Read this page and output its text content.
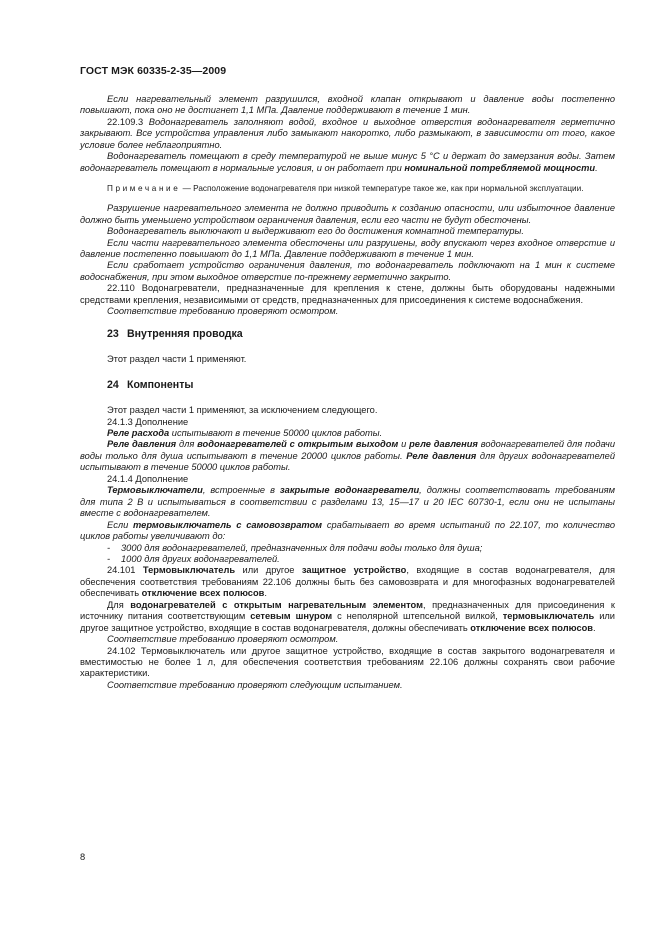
ГОСТ МЭК 60335-2-35—2009

Если нагревательный элемент разрушился, входной клапан открывают и давление воды постепенно повышают, пока оно не достигнет 1,1 МПа. Давление поддерживают в течение 1 мин.

22.109.3 Водонагреватель заполняют водой, входное и выходное отверстия водонагревателя герметично закрывают. Все устройства управления либо замыкают накоротко, либо размыкают, в зависимости от того, какое условие более неблагоприятно.

Водонагреватель помещают в среду температурой не выше минус 5 °C и держат до замерзания воды. Затем водонагреватель помещают в нормальные условия, и он работает при номинальной потребляемой мощности.

Примечание — Расположение водонагревателя при низкой температуре такое же, как при нормальной эксплуатации.

Разрушение нагревательного элемента не должно приводить к созданию опасности, или избыточное давление должно быть уменьшено устройством ограничения давления, если его части не будут обесточены.

Водонагреватель выключают и выдерживают его до достижения комнатной температуры.

Если части нагревательного элемента обесточены или разрушены, воду впускают через входное отверстие и давление постепенно повышают до 1,1 МПа. Давление поддерживают в течение 1 мин.

Если сработает устройство ограничения давления, то водонагреватель подключают на 1 мин к системе водоснабжения, при этом выходное отверстие по-прежнему герметично закрыто.

22.110 Водонагреватели, предназначенные для крепления к стене, должны быть оборудованы надежными средствами крепления, независимыми от средств, предназначенных для присоединения к системе водоснабжения.

Соответствие требованию проверяют осмотром.

23 Внутренняя проводка

Этот раздел части 1 применяют.

24 Компоненты

Этот раздел части 1 применяют, за исключением следующего.

24.1.3 Дополнение

Реле расхода испытывают в течение 50000 циклов работы.

Реле давления для водонагревателей с открытым выходом и реле давления водонагревателей для подачи воды только для душа испытывают в течение 20000 циклов работы. Реле давления для других водонагревателей испытывают в течение 50000 циклов работы.

24.1.4 Дополнение

Термовыключатели, встроенные в закрытые водонагреватели, должны соответствовать требованиям для типа 2 В и испытываться в соответствии с разделами 13, 15—17 и 20 IEC 60730-1, если они не испытаны вместе с водонагревателем.

Если термовыключатель с самовозвратом срабатывает во время испытаний по 22.107, то количество циклов работы увеличивают до:

- 3000 для водонагревателей, предназначенных для подачи воды только для душа;

- 1000 для других водонагревателей.

24.101 Термовыключатель или другое защитное устройство, входящие в состав водонагревателя, для обеспечения соответствия требованиям 22.106 должны быть без самовозврата и для многофазных водонагревателей обеспечивать отключение всех полюсов.

Для водонагревателей с открытым нагревательным элементом, предназначенных для присоединения к источнику питания соответствующим сетевым шнуром с неполярной штепсельной вилкой, термовыключатель или другое защитное устройство, входящие в состав водонагревателя, должны обеспечивать отключение всех полюсов.

Соответствие требованию проверяют осмотром.

24.102 Термовыключатель или другое защитное устройство, входящие в состав закрытого водонагревателя и вместимостью не более 1 л, для обеспечения соответствия требованиям 22.106 должны сохранять свои рабочие характеристики.

Соответствие требованию проверяют следующим испытанием.

8
